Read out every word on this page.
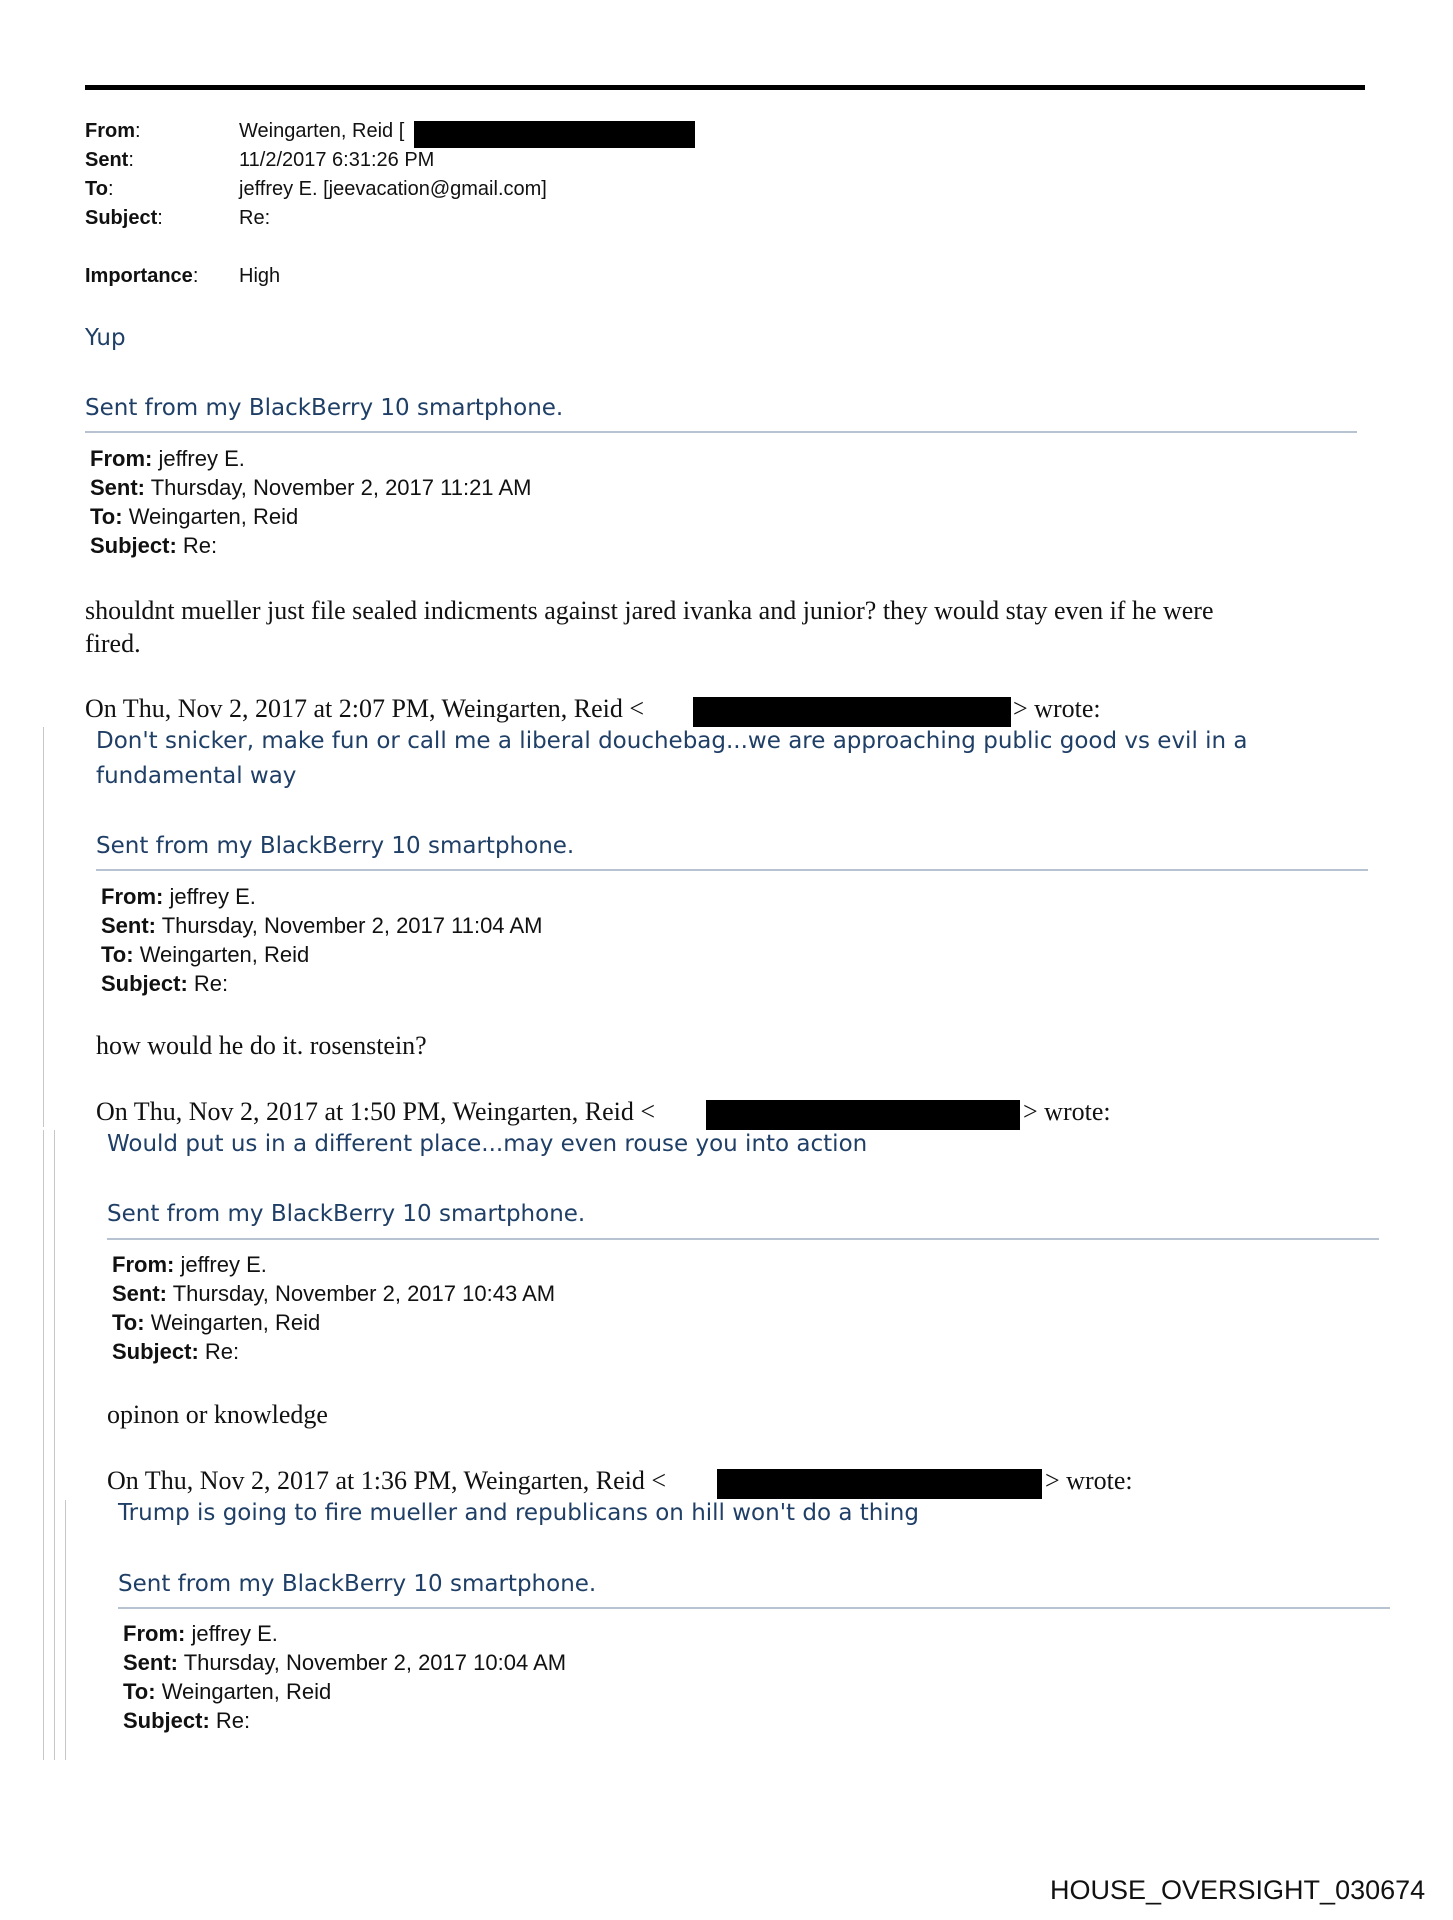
From:	Weingarten, Reid [
Sent:	11/2/2017 6:31:26 PM
To:	jeffrey E. [jeevacation@gmail.com]
Subject:	Re:
Importance:	High
Yup
Sent from my BlackBerry 10 smartphone.
From: jeffrey E.
Sent: Thursday, November 2, 2017 11:21 AM
To: Weingarten, Reid
Subject: Re:
shouldnt mueller just file sealed indicments against jared ivanka and junior? they would stay even if he were
fired.
On Thu, Nov 2, 2017 at 2:07 PM, Weingarten, Reid <	> wrote:
Don't snicker, make fun or call me a liberal douchebag...we are approaching public good vs evil in a
fundamental way
Sent from my BlackBerry 10 smartphone.
From: jeffrey E.
Sent: Thursday, November 2, 2017 11:04 AM
To: Weingarten, Reid
Subject: Re:
how would he do it. rosenstein?
On Thu, Nov 2, 2017 at 1:50 PM, Weingarten, Reid <	> wrote:
Would put us in a different place...may even rouse you into action
Sent from my BlackBerry 10 smartphone.
From: jeffrey E.
Sent: Thursday, November 2, 2017 10:43 AM
To: Weingarten, Reid
Subject: Re:
opinon or knowledge
On Thu, Nov 2, 2017 at 1:36 PM, Weingarten, Reid <	> wrote:
Trump is going to fire mueller and republicans on hill won't do a thing
Sent from my BlackBerry 10 smartphone.
From: jeffrey E.
Sent: Thursday, November 2, 2017 10:04 AM
To: Weingarten, Reid
Subject: Re:
HOUSE_OVERSIGHT_030674
